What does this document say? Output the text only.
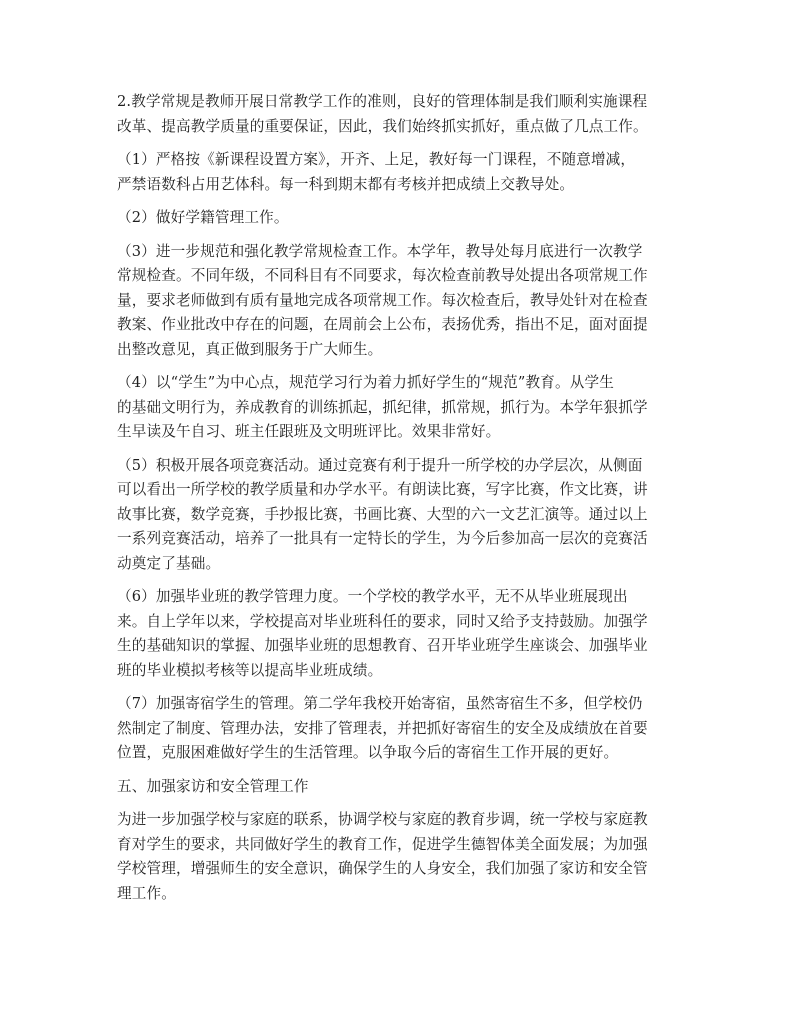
2.教学常规是教师开展日常教学工作的准则，良好的管理体制是我们顺利实施课程
改革、提高教学质量的重要保证，因此，我们始终抓实抓好，重点做了几点工作。
（1）严格按《新课程设置方案》，开齐、上足，教好每一门课程，不随意增减，
严禁语数科占用艺体科。每一科到期末都有考核并把成绩上交教导处。
（2）做好学籍管理工作。
（3）进一步规范和强化教学常规检查工作。本学年，教导处每月底进行一次教学
常规检查。不同年级，不同科目有不同要求，每次检查前教导处提出各项常规工作
量，要求老师做到有质有量地完成各项常规工作。每次检查后，教导处针对在检查
教案、作业批改中存在的问题，在周前会上公布，表扬优秀，指出不足，面对面提
出整改意见，真正做到服务于广大师生。
（4）以“学生”为中心点，规范学习行为着力抓好学生的“规范”教育。从学生
的基础文明行为，养成教育的训练抓起，抓纪律，抓常规，抓行为。本学年狠抓学
生早读及午自习、班主任跟班及文明班评比。效果非常好。
（5）积极开展各项竞赛活动。通过竞赛有利于提升一所学校的办学层次，从侧面
可以看出一所学校的教学质量和办学水平。有朗读比赛，写字比赛，作文比赛，讲
故事比赛，数学竞赛，手抄报比赛，书画比赛、大型的六一文艺汇演等。通过以上
一系列竞赛活动，培养了一批具有一定特长的学生，为今后参加高一层次的竞赛活
动奠定了基础。
（6）加强毕业班的教学管理力度。一个学校的教学水平，无不从毕业班展现出
来。自上学年以来，学校提高对毕业班科任的要求，同时又给予支持鼓励。加强学
生的基础知识的掌握、加强毕业班的思想教育、召开毕业班学生座谈会、加强毕业
班的毕业模拟考核等以提高毕业班成绩。
（7）加强寄宿学生的管理。第二学年我校开始寄宿，虽然寄宿生不多，但学校仍
然制定了制度、管理办法，安排了管理表，并把抓好寄宿生的安全及成绩放在首要
位置，克服困难做好学生的生活管理。以争取今后的寄宿生工作开展的更好。
五、加强家访和安全管理工作
为进一步加强学校与家庭的联系，协调学校与家庭的教育步调，统一学校与家庭教
育对学生的要求，共同做好学生的教育工作，促进学生德智体美全面发展；为加强
学校管理，增强师生的安全意识，确保学生的人身安全，我们加强了家访和安全管
理工作。
